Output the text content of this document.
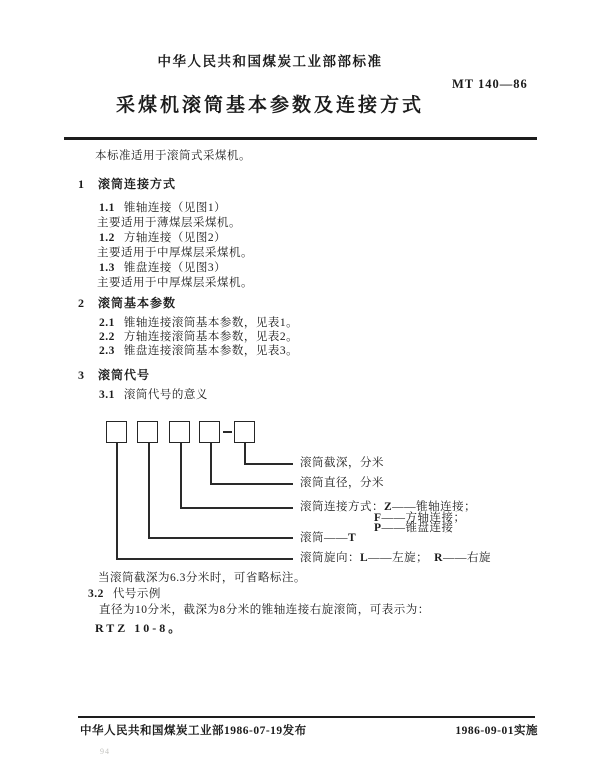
中华人民共和国煤炭工业部部标准
MT 140—86
采煤机滚筒基本参数及连接方式
本标准适用于滚筒式采煤机。
1 滚筒连接方式
1.1 锥轴连接（见图1）
主要适用于薄煤层采煤机。
1.2 方轴连接（见图2）
主要适用于中厚煤层采煤机。
1.3 锥盘连接（见图3）
主要适用于中厚煤层采煤机。
2 滚筒基本参数
2.1 锥轴连接滚筒基本参数，见表1。
2.2 方轴连接滚筒基本参数，见表2。
2.3 锥盘连接滚筒基本参数，见表3。
3 滚筒代号
3.1 滚筒代号的意义
滚筒截深，分米
滚筒直径，分米
滚筒连接方式：Z——锥轴连接；
F——方轴连接；
P——锥盘连接
滚筒——T
滚筒旋向：L——左旋； R——右旋
当滚筒截深为6.3分米时，可省略标注。
3.2 代号示例
直径为10分米，截深为8分米的锥轴连接右旋滚筒，可表示为：
RTZ 10-8。
中华人民共和国煤炭工业部1986-07-19发布	1986-09-01实施
94
